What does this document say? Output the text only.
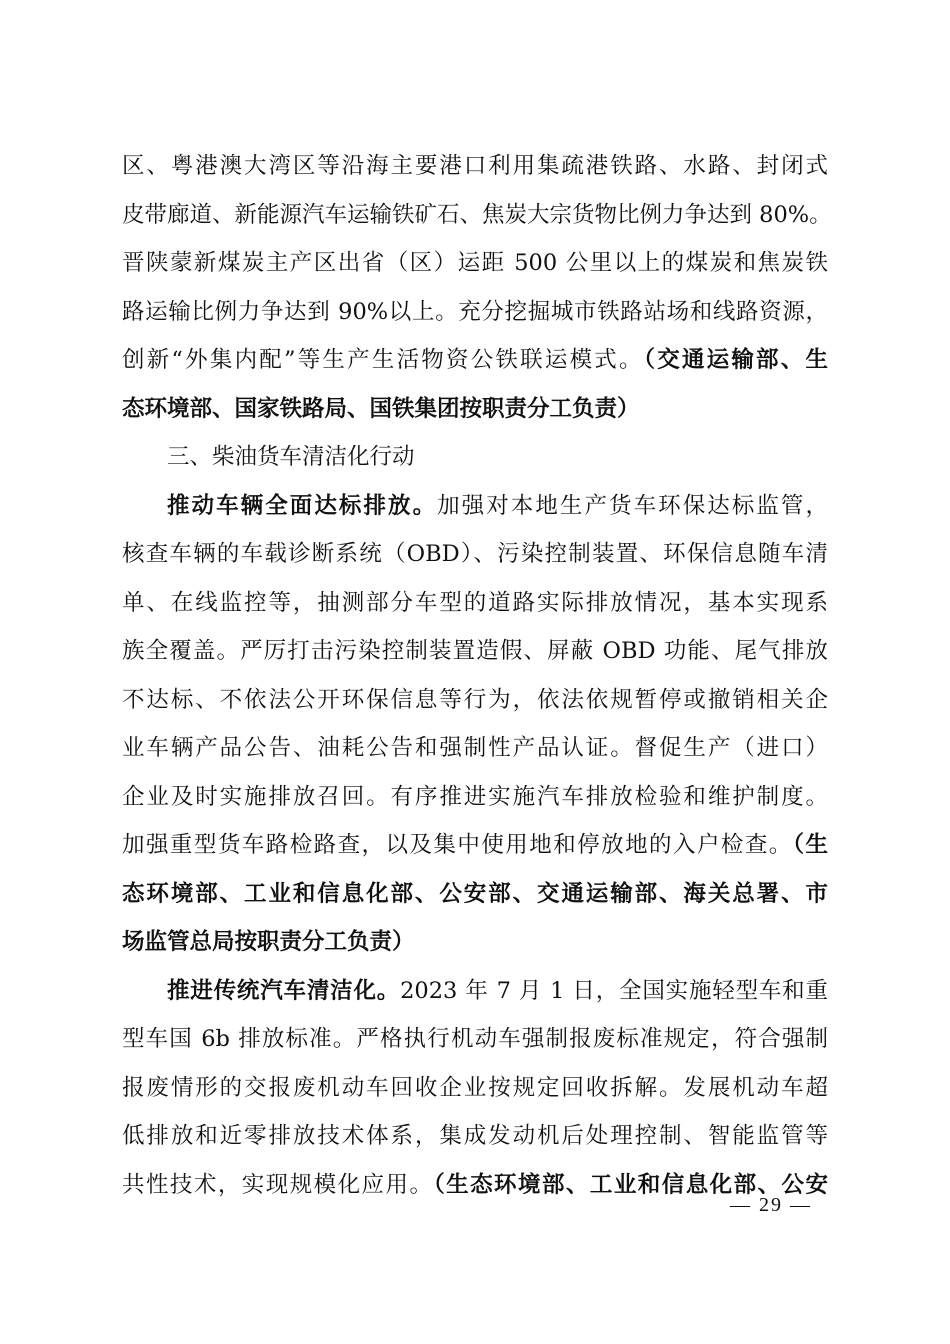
区、粤港澳大湾区等沿海主要港口利用集疏港铁路、水路、封闭式
皮带廊道、新能源汽车运输铁矿石、焦炭大宗货物比例力争达到 80%。
晋陕蒙新煤炭主产区出省（区）运距 500 公里以上的煤炭和焦炭铁
路运输比例力争达到 90%以上。充分挖掘城市铁路站场和线路资源，
创新“外集内配”等生产生活物资公铁联运模式。（交通运输部、生
态环境部、国家铁路局、国铁集团按职责分工负责）
三、柴油货车清洁化行动
推动车辆全面达标排放。加强对本地生产货车环保达标监管，
核查车辆的车载诊断系统（OBD）、污染控制装置、环保信息随车清
单、在线监控等，抽测部分车型的道路实际排放情况，基本实现系
族全覆盖。严厉打击污染控制装置造假、屏蔽 OBD 功能、尾气排放
不达标、不依法公开环保信息等行为，依法依规暂停或撤销相关企
业车辆产品公告、油耗公告和强制性产品认证。督促生产（进口）
企业及时实施排放召回。有序推进实施汽车排放检验和维护制度。
加强重型货车路检路查，以及集中使用地和停放地的入户检查。（生
态环境部、工业和信息化部、公安部、交通运输部、海关总署、市
场监管总局按职责分工负责）
推进传统汽车清洁化。2023 年 7 月 1 日，全国实施轻型车和重
型车国 6b 排放标准。严格执行机动车强制报废标准规定，符合强制
报废情形的交报废机动车回收企业按规定回收拆解。发展机动车超
低排放和近零排放技术体系，集成发动机后处理控制、智能监管等
共性技术，实现规模化应用。（生态环境部、工业和信息化部、公安
— 29 —
